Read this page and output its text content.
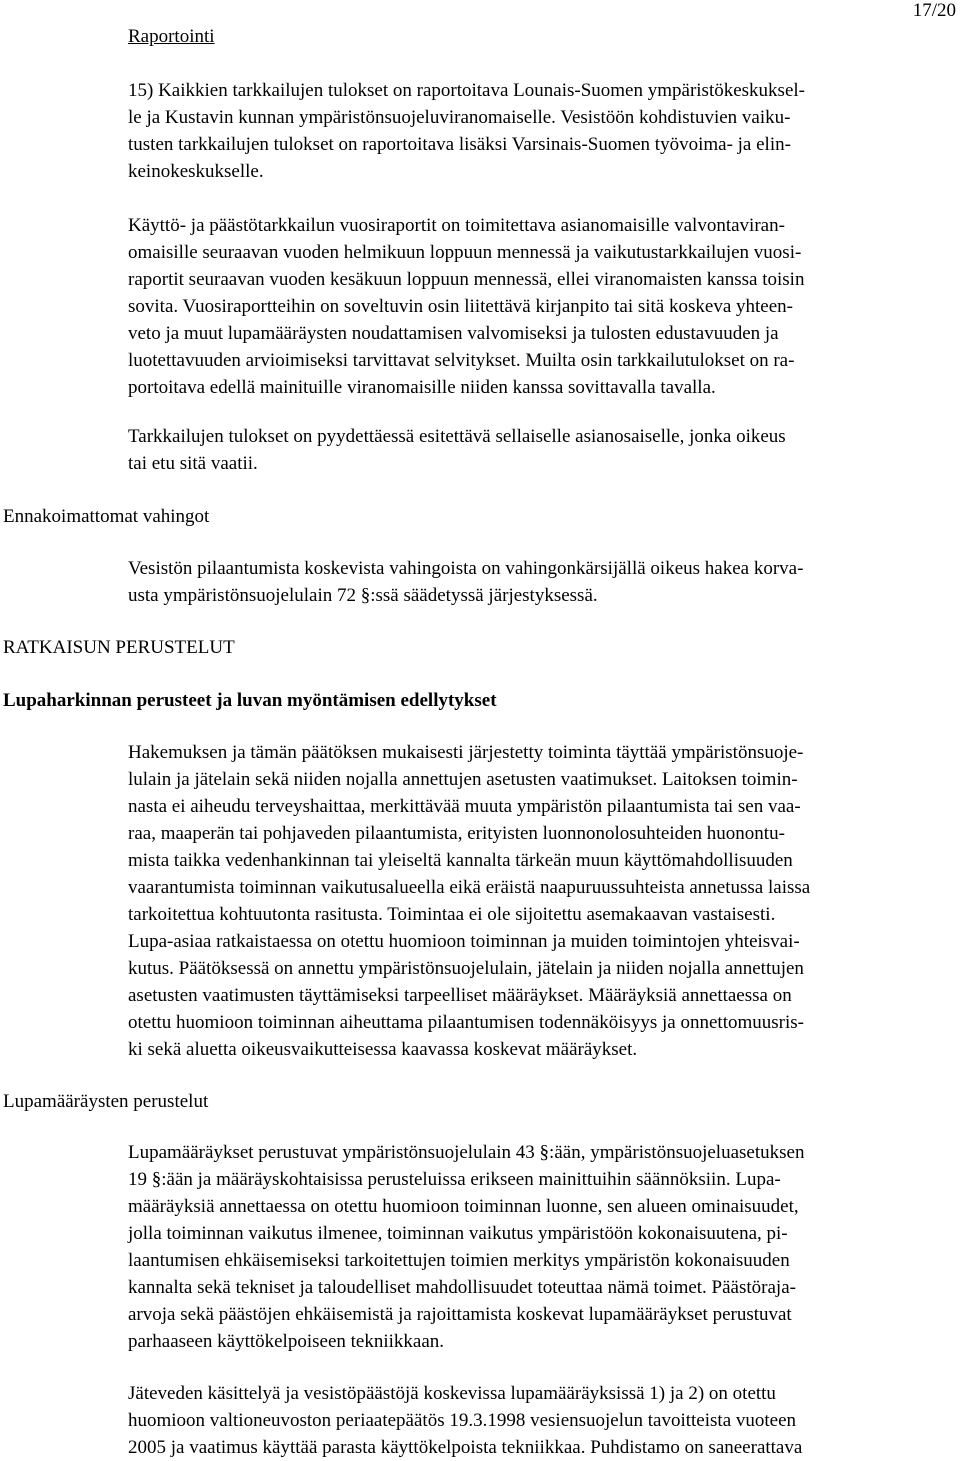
Raportointi
17/20

15) Kaikkien tarkkailujen tulokset on raportoitava Lounais-Suomen ympäristökeskuksel-
le ja Kustavin kunnan ympäristönsuojeluviranomaiselle. Vesistöön kohdistuvien vaiku-
tusten tarkkailujen tulokset on raportoitava lisäksi Varsinais-Suomen työvoima- ja elin-
keinokeskukselle.

Käyttö- ja päästötarkkailun vuosiraportit on toimitettava asianomaisille valvontaviran-
omaisille seuraavan vuoden helmikuun loppuun mennessä ja vaikutustarkkailujen vuosi-
raportit seuraavan vuoden kesäkuun loppuun mennessä, ellei viranomaisten kanssa toisin
sovita. Vuosiraportteihin on soveltuvin osin liitettävä kirjanpito tai sitä koskeva yhteen-
veto ja muut lupamääräysten noudattamisen valvomiseksi ja tulosten edustavuuden ja
luotettavuuden arvioimiseksi tarvittavat selvitykset. Muilta osin tarkkailutulokset on ra-
portoitava edellä mainituille viranomaisille niiden kanssa sovittavalla tavalla.

Tarkkailujen tulokset on pyydettäessä esitettävä sellaiselle asianosaiselle, jonka oikeus
tai etu sitä vaatii.

Ennakoimattomat vahingot

Vesistön pilaantumista koskevista vahingoista on vahingonkärsijällä oikeus hakea korva-
usta ympäristönsuojelulain 72 §:ssä säädetyssä järjestyksessä.

RATKAISUN PERUSTELUT
Lupaharkinnan perusteet ja luvan myöntämisen edellytykset

Hakemuksen ja tämän päätöksen mukaisesti järjestetty toiminta täyttää ympäristönsuoje-
lulain ja jätelain sekä niiden nojalla annettujen asetusten vaatimukset. Laitoksen toimin-
nasta ei aiheudu terveyshaittaa, merkittävää muuta ympäristön pilaantumista tai sen vaa-
raa, maaperän tai pohjaveden pilaantumista, erityisten luonnonolosuhteiden huonontu-
mista taikka vedenhankinnan tai yleiseltä kannalta tärkeän muun käyttömahdollisuuden
vaarantumista toiminnan vaikutusalueella eikä eräistä naapuruussuhteista annetussa laissa
tarkoitettua kohtuutonta rasitusta. Toimintaa ei ole sijoitettu asemakaavan vastaisesti.
Lupa-asiaa ratkaistaessa on otettu huomioon toiminnan ja muiden toimintojen yhteisvai-
kutus. Päätöksessä on annettu ympäristönsuojelulain, jätelain ja niiden nojalla annettujen
asetusten vaatimusten täyttämiseksi tarpeelliset määräykset. Määräyksiä annettaessa on
otettu huomioon toiminnan aiheuttama pilaantumisen todennäköisyys ja onnettomuusris-
ki sekä aluetta oikeusvaikutteisessa kaavassa koskevat määräykset.

Lupamääräysten perustelut

Lupamääräykset perustuvat ympäristönsuojelulain 43 §:ään, ympäristönsuojeluasetuksen
19 §:ään ja määräyskohtaisissa perusteluissa erikseen mainittuihin säännöksiin. Lupa-
määräyksiä annettaessa on otettu huomioon toiminnan luonne, sen alueen ominaisuudet,
jolla toiminnan vaikutus ilmenee, toiminnan vaikutus ympäristöön kokonaisuutena, pi-
laantumisen ehkäisemiseksi tarkoitettujen toimien merkitys ympäristön kokonaisuuden
kannalta sekä tekniset ja taloudelliset mahdollisuudet toteuttaa nämä toimet. Päästöraja-
arvoja sekä päästöjen ehkäisemistä ja rajoittamista koskevat lupamääräykset perustuvat
parhaaseen käyttökelpoiseen tekniikkaan.

Jäteveden käsittelyä ja vesistöpäästöjä koskevissa lupamääräyksissä 1) ja 2) on otettu
huomioon valtioneuvoston periaatepäätös 19.3.1998 vesiensuojelun tavoitteista vuoteen
2005 ja vaatimus käyttää parasta käyttökelpoista tekniikkaa. Puhdistamo on saneerattava
